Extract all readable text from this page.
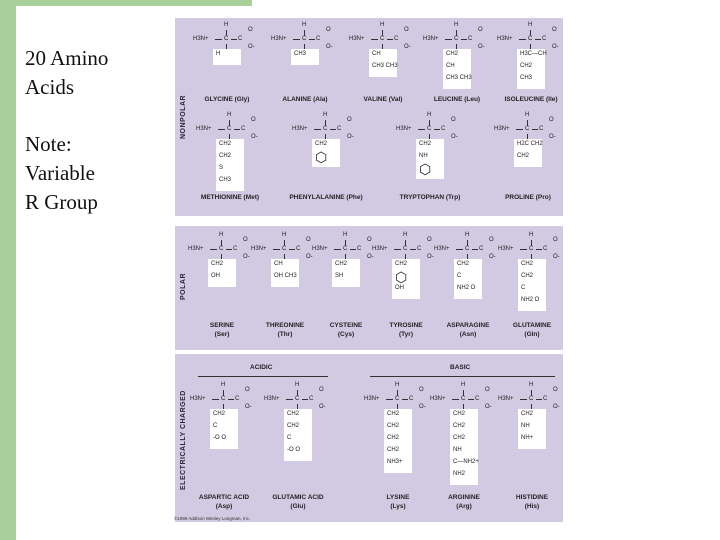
20 Amino
Acids
Note:
Variable
R Group
NONPOLAR
POLAR
ELECTRICALLY CHARGED
ACIDIC	BASIC
H
H3N+	C C
O
O-
H
GLYCINE (Gly)
H
H3N+	C C
O
O-
CH3
ALANINE (Ala)
H
H3N+	C C
O
O-
CH
CH3 CH3
VALINE (Val)
H
H3N+	C C
O
O-
CH2
CH
CH3 CH3
LEUCINE (Leu)
H
H3N+	C C
O
O-
H3C—CH
CH2
CH3
ISOLEUCINE (Ile)
H
H3N+	C C
O
O-
CH2
CH2
S
CH3
METHIONINE (Met)
H
H3N+	C C
O
O-
CH2
⬡
PHENYLALANINE (Phe)
H
H3N+	C C
O
O-
CH2
NH
⬡
TRYPTOPHAN (Trp)
H
H3N+	C C
O
O-
H2C CH2
CH2
PROLINE (Pro)
H
H3N+	C C
O
O-
CH2
OH
SERINE
(Ser)
H
H3N+	C C
O
O-
CH
OH CH3
THREONINE
(Thr)
H
H3N+	C C
O
O-
CH2
SH
CYSTEINE
(Cys)
H
H3N+	C C
O
O-
CH2
⬡
OH
TYROSINE
(Tyr)
H
H3N+	C C
O
O-
CH2
C
NH2 O
ASPARAGINE
(Asn)
H
H3N+	C C
O
O-
CH2
CH2
C
NH2 O
GLUTAMINE
(Gln)
H
H3N+	C C
O
O-
CH2
C
-O O
ASPARTIC ACID
(Asp)
H
H3N+	C C
O
O-
CH2
CH2
C
-O O
GLUTAMIC ACID
(Glu)
H
H3N+	C C
O
O-
CH2
CH2
CH2
CH2
NH3+
LYSINE
(Lys)
H
H3N+	C C
O
O-
CH2
CH2
CH2
NH
C—NH2+
NH2
ARGININE
(Arg)
H
H3N+	C C
O
O-
CH2
NH
NH+
HISTIDINE
(His)
©1999 Addison Wesley Longman, Inc.
